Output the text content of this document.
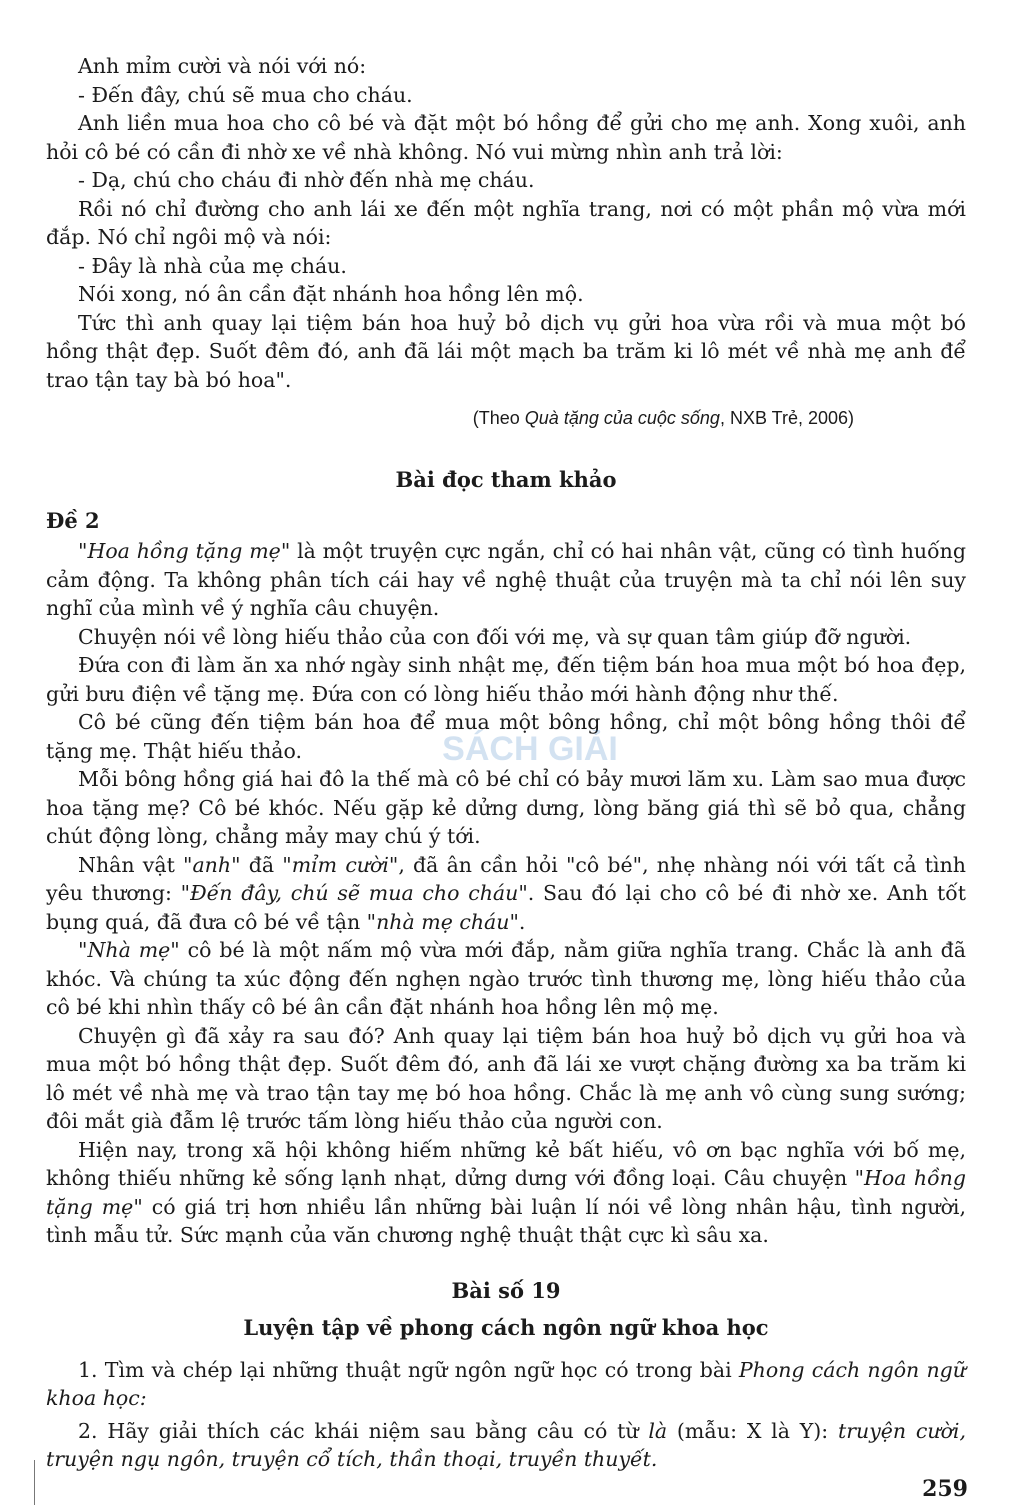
Anh mỉm cười và nói với nó:

- Đến đây, chú sẽ mua cho cháu.

Anh liền mua hoa cho cô bé và đặt một bó hồng để gửi cho mẹ anh. Xong xuôi, anh hỏi cô bé có cần đi nhờ xe về nhà không. Nó vui mừng nhìn anh trả lời:

- Dạ, chú cho cháu đi nhờ đến nhà mẹ cháu.

Rồi nó chỉ đường cho anh lái xe đến một nghĩa trang, nơi có một phần mộ vừa mới đắp. Nó chỉ ngôi mộ và nói:

- Đây là nhà của mẹ cháu.

Nói xong, nó ân cần đặt nhánh hoa hồng lên mộ.

Tức thì anh quay lại tiệm bán hoa huỷ bỏ dịch vụ gửi hoa vừa rồi và mua một bó hồng thật đẹp. Suốt đêm đó, anh đã lái một mạch ba trăm ki lô mét về nhà mẹ anh để trao tận tay bà bó hoa".

(Theo Quà tặng của cuộc sống, NXB Trẻ, 2006)

Bài đọc tham khảo

Đề 2

"Hoa hồng tặng mẹ" là một truyện cực ngắn, chỉ có hai nhân vật, cũng có tình huống cảm động. Ta không phân tích cái hay về nghệ thuật của truyện mà ta chỉ nói lên suy nghĩ của mình về ý nghĩa câu chuyện.

Chuyện nói về lòng hiếu thảo của con đối với mẹ, và sự quan tâm giúp đỡ người.

Đứa con đi làm ăn xa nhớ ngày sinh nhật mẹ, đến tiệm bán hoa mua một bó hoa đẹp, gửi bưu điện về tặng mẹ. Đứa con có lòng hiếu thảo mới hành động như thế.

Cô bé cũng đến tiệm bán hoa để mua một bông hồng, chỉ một bông hồng thôi để tặng mẹ. Thật hiếu thảo.

Mỗi bông hồng giá hai đô la thế mà cô bé chỉ có bảy mươi lăm xu. Làm sao mua được hoa tặng mẹ? Cô bé khóc. Nếu gặp kẻ dửng dưng, lòng băng giá thì sẽ bỏ qua, chẳng chút động lòng, chẳng mảy may chú ý tới.

Nhân vật "anh" đã "mỉm cười", đã ân cần hỏi "cô bé", nhẹ nhàng nói với tất cả tình yêu thương: "Đến đây, chú sẽ mua cho cháu". Sau đó lại cho cô bé đi nhờ xe. Anh tốt bụng quá, đã đưa cô bé về tận "nhà mẹ cháu".

"Nhà mẹ" cô bé là một nấm mộ vừa mới đắp, nằm giữa nghĩa trang. Chắc là anh đã khóc. Và chúng ta xúc động đến nghẹn ngào trước tình thương mẹ, lòng hiếu thảo của cô bé khi nhìn thấy cô bé ân cần đặt nhánh hoa hồng lên mộ mẹ.

Chuyện gì đã xảy ra sau đó? Anh quay lại tiệm bán hoa huỷ bỏ dịch vụ gửi hoa và mua một bó hồng thật đẹp. Suốt đêm đó, anh đã lái xe vượt chặng đường xa ba trăm ki lô mét về nhà mẹ và trao tận tay mẹ bó hoa hồng. Chắc là mẹ anh vô cùng sung sướng; đôi mắt già đẫm lệ trước tấm lòng hiếu thảo của người con.

Hiện nay, trong xã hội không hiếm những kẻ bất hiếu, vô ơn bạc nghĩa với bố mẹ, không thiếu những kẻ sống lạnh nhạt, dửng dưng với đồng loại. Câu chuyện "Hoa hồng tặng mẹ" có giá trị hơn nhiều lần những bài luận lí nói về lòng nhân hậu, tình người, tình mẫu tử. Sức mạnh của văn chương nghệ thuật thật cực kì sâu xa.

Bài số 19

Luyện tập về phong cách ngôn ngữ khoa học

1. Tìm và chép lại những thuật ngữ ngôn ngữ học có trong bài Phong cách ngôn ngữ khoa học:

2. Hãy giải thích các khái niệm sau bằng câu có từ là (mẫu: X là Y): truyện cười, truyện ngụ ngôn, truyện cổ tích, thần thoại, truyền thuyết.

SÁCH GIẢI
259
